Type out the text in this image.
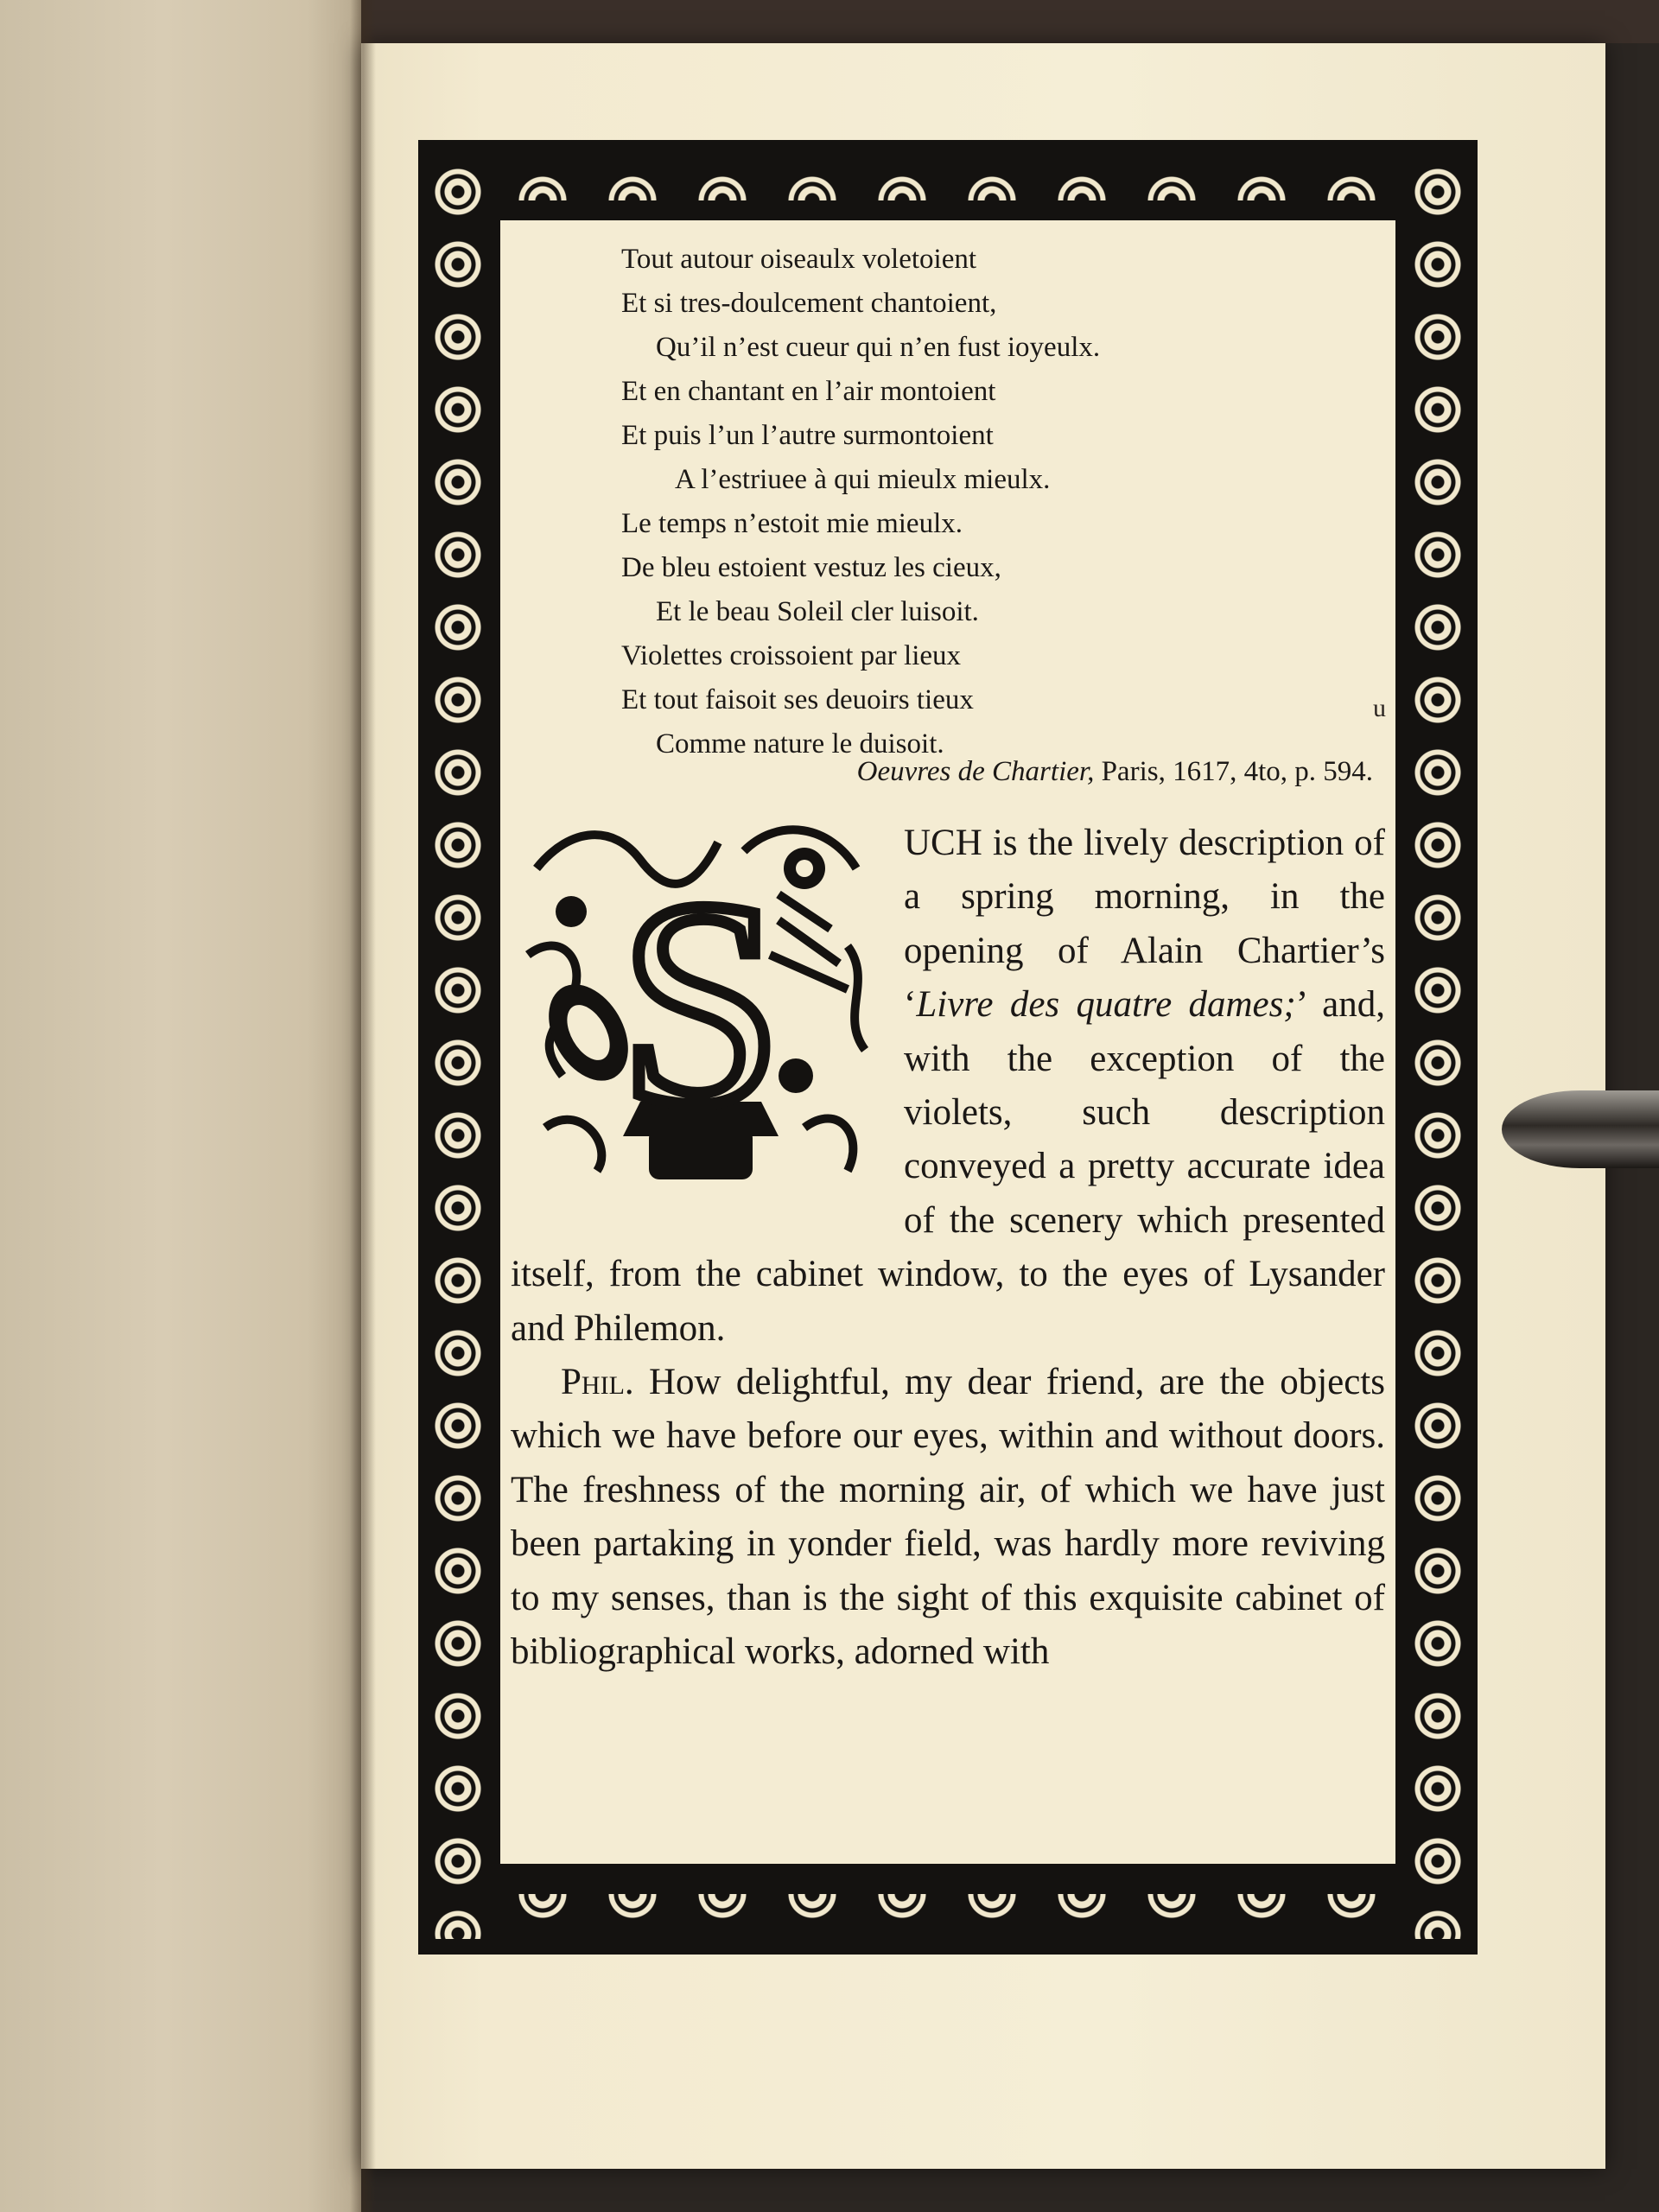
Tout autour oiseaulx voletoient
Et si tres-doulcement chantoient,
Qu’il n’est cueur qui n’en fust ioyeulx.
Et en chantant en l’air montoient
Et puis l’un l’autre surmontoient
A l’estriuee à qui mieulx mieulx.
Le temps n’estoit mie mieulx.
De bleu estoient vestuz les cieux,
Et le beau Soleil cler luisoit.
Violettes croissoient par lieux
Et tout faisoit ses deuoirs tieux
Comme nature le duisoit.
u
Oeuvres de Chartier, Paris, 1617, 4to, p. 594.
S	UCH is the lively description of a spring morning, in the opening of Alain Chartier’s ‘Livre des quatre dames;’ and, with the exception of the violets, such description conveyed a pretty accurate idea of the scenery which presented itself, from the cabinet window, to the eyes of Lysander and Philemon.

Phil. How delightful, my dear friend, are the objects which we have before our eyes, within and without doors. The freshness of the morning air, of which we have just been partaking in yonder field, was hardly more reviving to my senses, than is the sight of this exquisite cabinet of bibliographical works, adorned with
